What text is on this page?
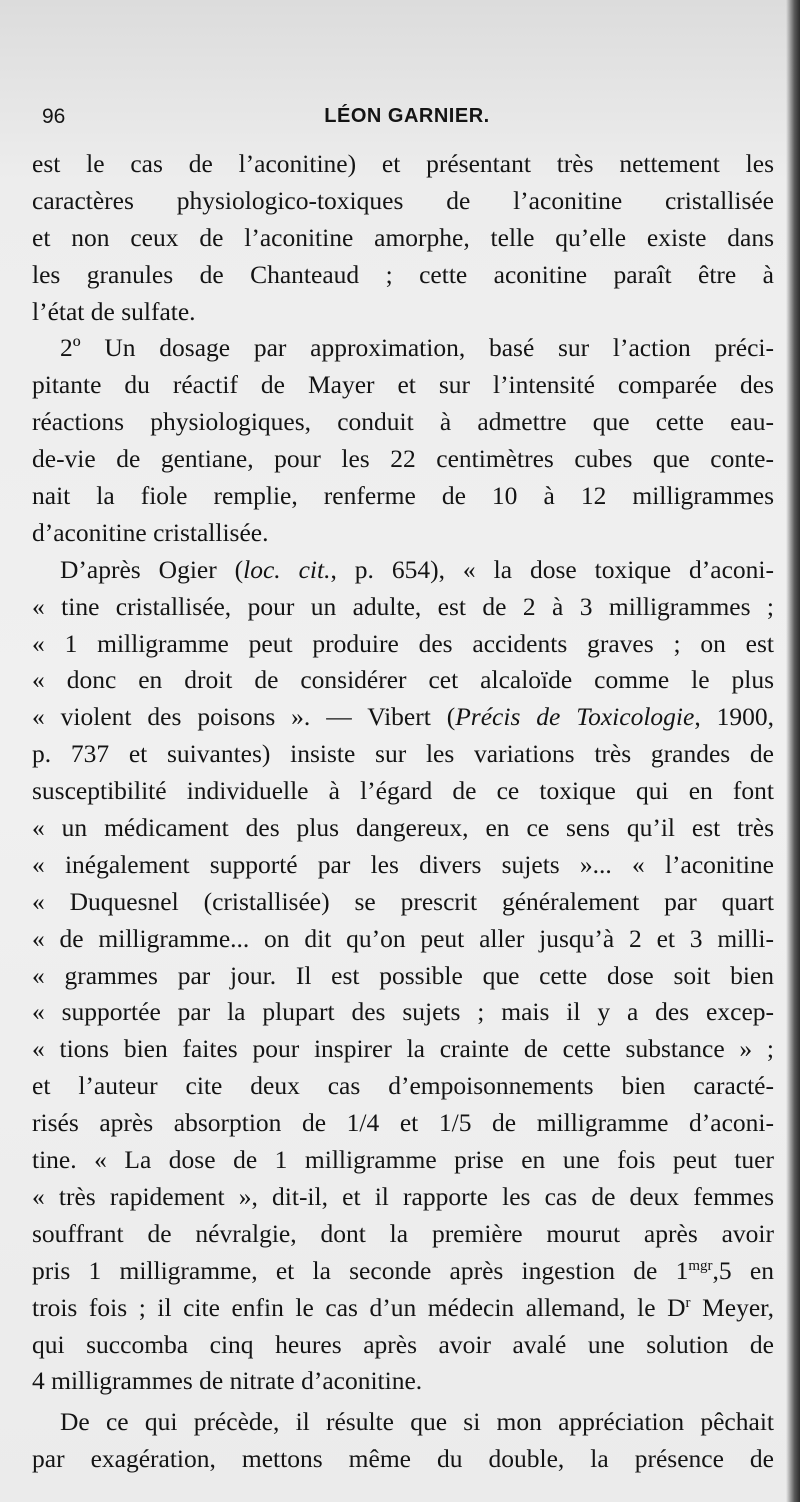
96	LÉON GARNIER.
est le cas de l’aconitine) et présentant très nettement les
caractères physiologico-toxiques de l’aconitine cristallisée
et non ceux de l’aconitine amorphe, telle qu’elle existe dans
les granules de Chanteaud ; cette aconitine paraît être à
l’état de sulfate.
2º Un dosage par approximation, basé sur l’action préci-
pitante du réactif de Mayer et sur l’intensité comparée des
réactions physiologiques, conduit à admettre que cette eau-
de-vie de gentiane, pour les 22 centimètres cubes que conte-
nait la fiole remplie, renferme de 10 à 12 milligrammes
d’aconitine cristallisée.
D’après Ogier (loc. cit., p. 654), « la dose toxique d’aconi-
« tine cristallisée, pour un adulte, est de 2 à 3 milligrammes ;
« 1 milligramme peut produire des accidents graves ; on est
« donc en droit de considérer cet alcaloïde comme le plus
« violent des poisons ». — Vibert (Précis de Toxicologie, 1900,
p. 737 et suivantes) insiste sur les variations très grandes de
susceptibilité individuelle à l’égard de ce toxique qui en font
« un médicament des plus dangereux, en ce sens qu’il est très
« inégalement supporté par les divers sujets »... « l’aconitine
« Duquesnel (cristallisée) se prescrit généralement par quart
« de milligramme... on dit qu’on peut aller jusqu’à 2 et 3 milli-
« grammes par jour. Il est possible que cette dose soit bien
« supportée par la plupart des sujets ; mais il y a des excep-
« tions bien faites pour inspirer la crainte de cette substance » ;
et l’auteur cite deux cas d’empoisonnements bien caracté-
risés après absorption de 1/4 et 1/5 de milligramme d’aconi-
tine. « La dose de 1 milligramme prise en une fois peut tuer
« très rapidement », dit-il, et il rapporte les cas de deux femmes
souffrant de névralgie, dont la première mourut après avoir
pris 1 milligramme, et la seconde après ingestion de $1^{mgr},5$ en
trois fois ; il cite enfin le cas d’un médecin allemand, le $D^r$ Meyer,
qui succomba cinq heures après avoir avalé une solution de
4 milligrammes de nitrate d’aconitine.
De ce qui précède, il résulte que si mon appréciation pêchait
par exagération, mettons même du double, la présence de
